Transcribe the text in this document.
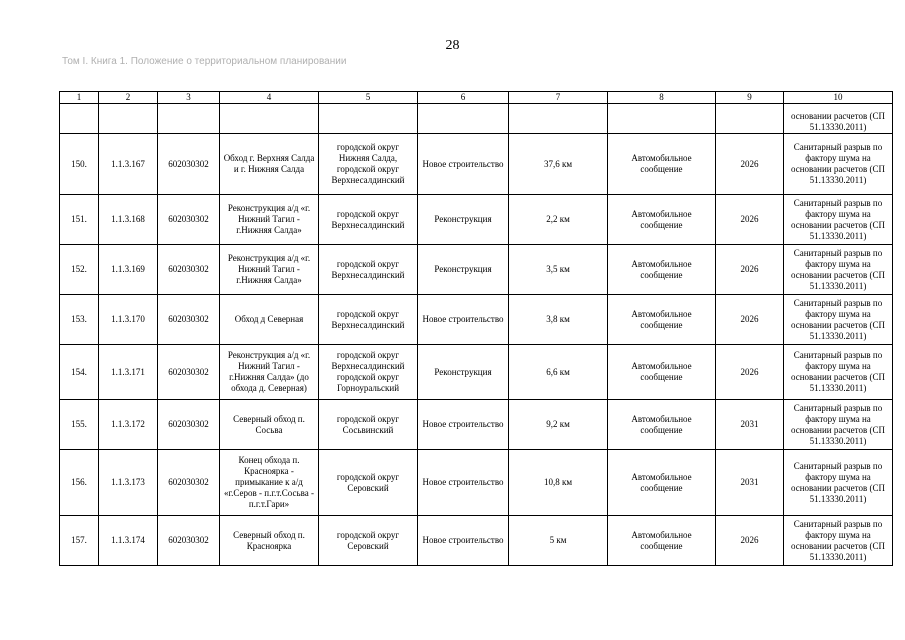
28
Том I. Книга 1. Положение о территориальном планировании
1	2	3	4	5	6	7	8	9	10
									основании расчетов (СП 51.13330.2011)
150.	1.1.3.167	602030302	Обход г. Верхняя Салда и г. Нижняя Салда	городской округ Нижняя Салда, городской округ Верхнесалдинский	Новое строительство	37,6 км	Автомобильное сообщение	2026	Санитарный разрыв по фактору шума на основании расчетов (СП 51.13330.2011)
151.	1.1.3.168	602030302	Реконструкция а/д «г. Нижний Тагил - г.Нижняя Салда»	городской округ Верхнесалдинский	Реконструкция	2,2 км	Автомобильное сообщение	2026	Санитарный разрыв по фактору шума на основании расчетов (СП 51.13330.2011)
152.	1.1.3.169	602030302	Реконструкция а/д «г. Нижний Тагил - г.Нижняя Салда»	городской округ Верхнесалдинский	Реконструкция	3,5 км	Автомобильное сообщение	2026	Санитарный разрыв по фактору шума на основании расчетов (СП 51.13330.2011)
153.	1.1.3.170	602030302	Обход д Северная	городской округ Верхнесалдинский	Новое строительство	3,8 км	Автомобильное сообщение	2026	Санитарный разрыв по фактору шума на основании расчетов (СП 51.13330.2011)
154.	1.1.3.171	602030302	Реконструкция а/д «г. Нижний Тагил - г.Нижняя Салда» (до обхода д. Северная)	городской округ Верхнесалдинский городской округ Горноуральский	Реконструкция	6,6 км	Автомобильное сообщение	2026	Санитарный разрыв по фактору шума на основании расчетов (СП 51.13330.2011)
155.	1.1.3.172	602030302	Северный обход п. Сосьва	городской округ Сосьвинский	Новое строительство	9,2 км	Автомобильное сообщение	2031	Санитарный разрыв по фактору шума на основании расчетов (СП 51.13330.2011)
156.	1.1.3.173	602030302	Конец обхода п. Красноярка - примыкание к а/д «г.Серов - п.г.т.Сосьва - п.г.т.Гари»	городской округ Серовский	Новое строительство	10,8 км	Автомобильное сообщение	2031	Санитарный разрыв по фактору шума на основании расчетов (СП 51.13330.2011)
157.	1.1.3.174	602030302	Северный обход п. Красноярка	городской округ Серовский	Новое строительство	5 км	Автомобильное сообщение	2026	Санитарный разрыв по фактору шума на основании расчетов (СП 51.13330.2011)
